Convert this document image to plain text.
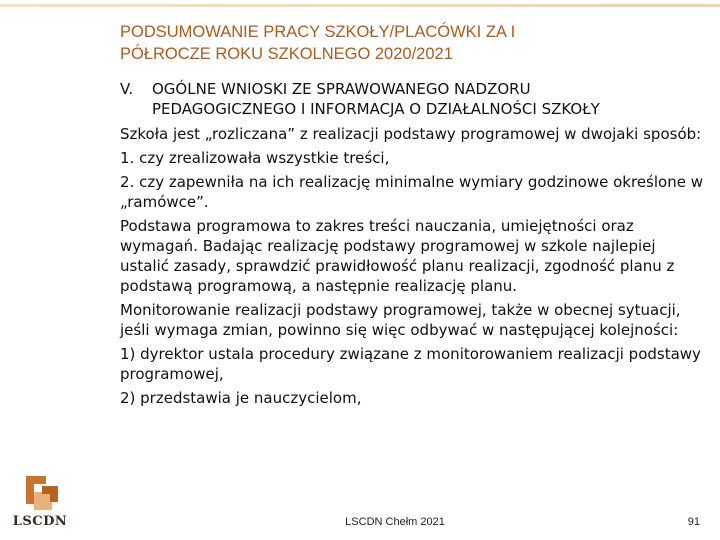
PODSUMOWANIE PRACY SZKOŁY/PLACÓWKI ZA I
PÓŁROCZE ROKU SZKOLNEGO 2020/2021
V. OGÓLNE WNIOSKI ZE SPRAWOWANEGO NADZORU
PEDAGOGICZNEGO I INFORMACJA O DZIAŁALNOŚCI SZKOŁY

Szkoła jest „rozliczana” z realizacji podstawy programowej w dwojaki sposób:

1. czy zrealizowała wszystkie treści,

2. czy zapewniła na ich realizację minimalne wymiary godzinowe określone w „ramówce”.

Podstawa programowa to zakres treści nauczania, umiejętności oraz wymagań. Badając realizację podstawy programowej w szkole najlepiej ustalić zasady, sprawdzić prawidłowość planu realizacji, zgodność planu z podstawą programową, a następnie realizację planu.

Monitorowanie realizacji podstawy programowej, także w obecnej sytuacji, jeśli wymaga zmian, powinno się więc odbywać w następującej kolejności:

1) dyrektor ustala procedury związane z monitorowaniem realizacji podstawy programowej,

2) przedstawia je nauczycielom,

LSCDN	LSCDN Chełm 2021	91
